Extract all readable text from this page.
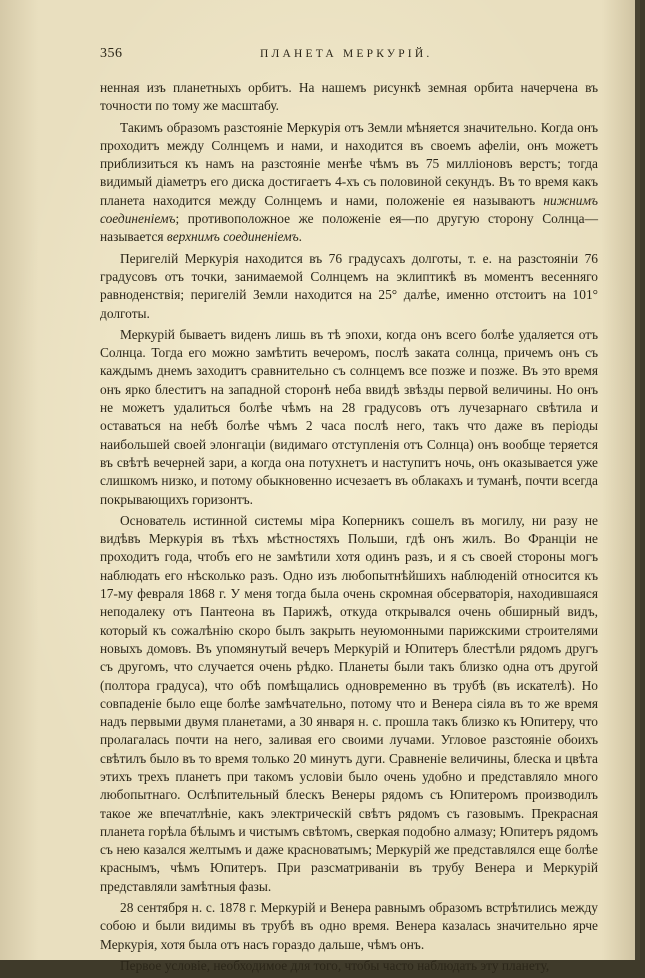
356	ПЛАНЕТА МЕРКУРІЙ.

ненная изъ планетныхъ орбитъ. На нашемъ рисункѣ земная орбита начерчена въ точности по тому же масштабу.

Такимъ образомъ разстояніе Меркурія отъ Земли мѣняется значительно. Когда онъ проходитъ между Солнцемъ и нами, и находится въ своемъ афеліи, онъ можетъ приблизиться къ намъ на разстояніе менѣе чѣмъ въ 75 милліоновъ верстъ; тогда видимый діаметръ его диска достигаетъ 4-хъ съ половиной секундъ. Въ то время какъ планета находится между Солнцемъ и нами, положеніе ея называютъ нижнимъ соединеніемъ; противоположное же положеніе ея—по другую сторону Солнца—называется верхнимъ соединеніемъ.

Перигелій Меркурія находится въ 76 градусахъ долготы, т. е. на разстояніи 76 градусовъ отъ точки, занимаемой Солнцемъ на эклиптикѣ въ моментъ весенняго равноденствія; перигелій Земли находится на 25° далѣе, именно отстоитъ на 101° долготы.

Меркурій бываетъ виденъ лишь въ тѣ эпохи, когда онъ всего болѣе удаляется отъ Солнца. Тогда его можно замѣтить вечеромъ, послѣ заката солнца, причемъ онъ съ каждымъ днемъ заходитъ сравнительно съ солнцемъ все позже и позже. Въ это время онъ ярко блеститъ на западной сторонѣ неба ввидѣ звѣзды первой величины. Но онъ не можетъ удалиться болѣе чѣмъ на 28 градусовъ отъ лучезарнаго свѣтила и оставаться на небѣ болѣе чѣмъ 2 часа послѣ него, такъ что даже въ періоды наибольшей своей элонгаціи (видимаго отступленія отъ Солнца) онъ вообще теряется въ свѣтѣ вечерней зари, а когда она потухнетъ и наступитъ ночь, онъ оказывается уже слишкомъ низко, и потому обыкновенно исчезаетъ въ облакахъ и туманѣ, почти всегда покрывающихъ горизонтъ.

Основатель истинной системы міра Коперникъ сошелъ въ могилу, ни разу не видѣвъ Меркурія въ тѣхъ мѣстностяхъ Польши, гдѣ онъ жилъ. Во Франціи не проходитъ года, чтобъ его не замѣтили хотя одинъ разъ, и я съ своей стороны могъ наблюдать его нѣсколько разъ. Одно изъ любопытнѣйшихъ наблюденій относится къ 17-му февраля 1868 г. У меня тогда была очень скромная обсерваторія, находившаяся неподалеку отъ Пантеона въ Парижѣ, откуда открывался очень обширный видъ, который къ сожалѣнію скоро былъ закрыть неуюмонными парижскими строителями новыхъ домовъ. Въ упомянутый вечеръ Меркурій и Юпитеръ блестѣли рядомъ другъ съ другомъ, что случается очень рѣдко. Планеты были такъ близко одна отъ другой (полтора градуса), что обѣ помѣщались одновременно въ трубѣ (въ искателѣ). Но совпаденіе было еще болѣе замѣчательно, потому что и Венера сіяла въ то же время надъ первыми двумя планетами, а 30 января н. с. прошла такъ близко къ Юпитеру, что пролагалась почти на него, заливая его своими лучами. Угловое разстояніе обоихъ свѣтилъ было въ то время только 20 минутъ дуги. Сравненіе величины, блеска и цвѣта этихъ трехъ планетъ при такомъ условіи было очень удобно и представляло много любопытнаго. Ослѣпительный блескъ Венеры рядомъ съ Юпитеромъ производилъ такое же впечатлѣніе, какъ электрическій свѣтъ рядомъ съ газовымъ. Прекрасная планета горѣла бѣлымъ и чистымъ свѣтомъ, сверкая подобно алмазу; Юпитеръ рядомъ съ нею казался желтымъ и даже красноватымъ; Меркурій же представлялся еще болѣе краснымъ, чѣмъ Юпитеръ. При разсматриваніи въ трубу Венера и Меркурій представляли замѣтныя фазы.

28 сентября н. с. 1878 г. Меркурій и Венера равнымъ образомъ встрѣтились между собою и были видимы въ трубѣ въ одно время. Венера казалась значительно ярче Меркурія, хотя была отъ насъ гораздо дальше, чѣмъ онъ.

Первое условіе, необходимое для того, чтобы часто наблюдать эту планету,
